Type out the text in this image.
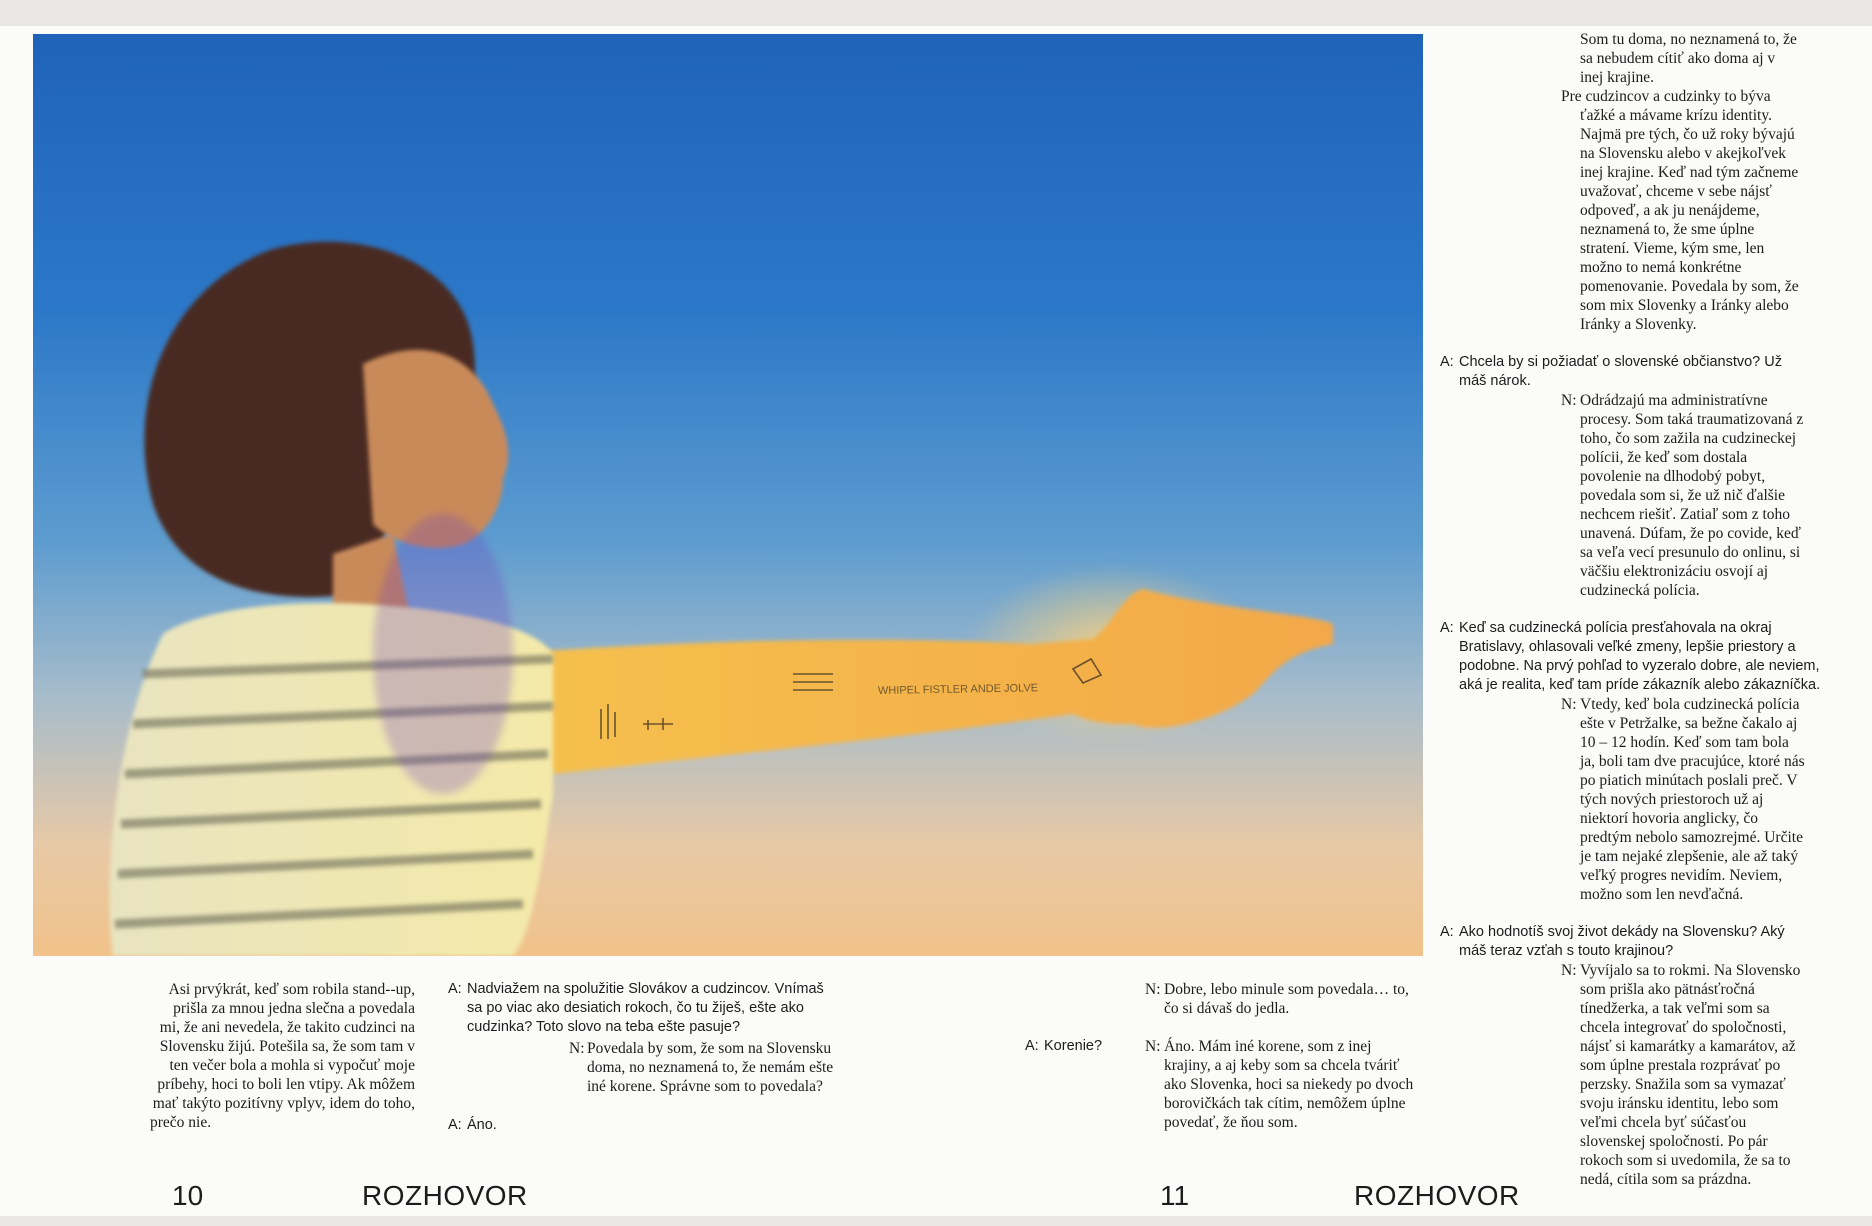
WHIPEL FISTLER ANDE JOLVE

Asi prvýkrát, keď som robila stand--up, prišla za mnou jedna slečna a povedala mi, že ani nevedela, že takito cudzinci na Slovensku žijú. Potešila sa, že som tam v ten večer bola a mohla si vypočuť moje príbehy, hoci to boli len vtipy. Ak môžem mať takýto pozitívny vplyv, idem do toho, prečo nie.

A: Nadviažem na spolužitie Slovákov a cudzincov. Vnímaš sa po viac ako desiatich rokoch, čo tu žiješ, ešte ako cudzinka? Toto slovo na teba ešte pasuje?
N: Povedala by som, že som na Slovensku doma, no neznamená to, že nemám ešte iné korene. Správne som to povedala?
A: Áno.
A: Korenie?
N: Dobre, lebo minule som povedala… to, čo si dávaš do jedla.
N: Áno. Mám iné korene, som z inej krajiny, a aj keby som sa chcela tváriť ako Slovenka, hoci sa niekedy po dvoch borovičkách tak cítim, nemôžem úplne povedať, že ňou som.

Som tu doma, no neznamená to, že sa nebudem cítiť ako doma aj v inej krajine.

Pre cudzincov a cudzinky to býva ťažké a mávame krízu identity. Najmä pre tých, čo už roky bývajú na Slovensku alebo v akejkoľvek inej krajine. Keď nad tým začneme uvažovať, chceme v sebe nájsť odpoveď, a ak ju nenájdeme, neznamená to, že sme úplne stratení. Vieme, kým sme, len možno to nemá konkrétne pomenovanie. Povedala by som, že som mix Slovenky a Iránky alebo Iránky a Slovenky.

A: Chcela by si požiadať o slovenské občianstvo? Už máš nárok.
N: Odrádzajú ma administratívne procesy. Som taká traumatizovaná z toho, čo som zažila na cudzineckej polícii, že keď som dostala povolenie na dlhodobý pobyt, povedala som si, že už nič ďalšie nechcem riešiť. Zatiaľ som z toho unavená. Dúfam, že po covide, keď sa veľa vecí presunulo do onlinu, si väčšiu elektronizáciu osvojí aj cudzinecká polícia.
A: Keď sa cudzinecká polícia presťahovala na okraj Bratislavy, ohlasovali veľké zmeny, lepšie priestory a podobne. Na prvý pohľad to vyzeralo dobre, ale neviem, aká je realita, keď tam príde zákazník alebo zákazníčka.
N: Vtedy, keď bola cudzinecká polícia ešte v Petržalke, sa bežne čakalo aj 10 – 12 hodín. Keď som tam bola ja, boli tam dve pracujúce, ktoré nás po piatich minútach poslali preč. V tých nových priestoroch už aj niektorí hovoria anglicky, čo predtým nebolo samozrejmé. Určite je tam nejaké zlepšenie, ale až taký veľký progres nevidím. Neviem, možno som len nevďačná.
A: Ako hodnotíš svoj život dekády na Slovensku? Aký máš teraz vzťah s touto krajinou?
N: Vyvíjalo sa to rokmi. Na Slovensko som prišla ako pätnásťročná tínedžerka, a tak veľmi som sa chcela integrovať do spoločnosti, nájsť si kamarátky a kamarátov, až som úplne prestala rozprávať po perzsky. Snažila som sa vymazať svoju iránsku identitu, lebo som veľmi chcela byť súčasťou slovenskej spoločnosti. Po pár rokoch som si uvedomila, že sa to nedá, cítila som sa prázdna.
10	ROZHOVOR	11	ROZHOVOR
